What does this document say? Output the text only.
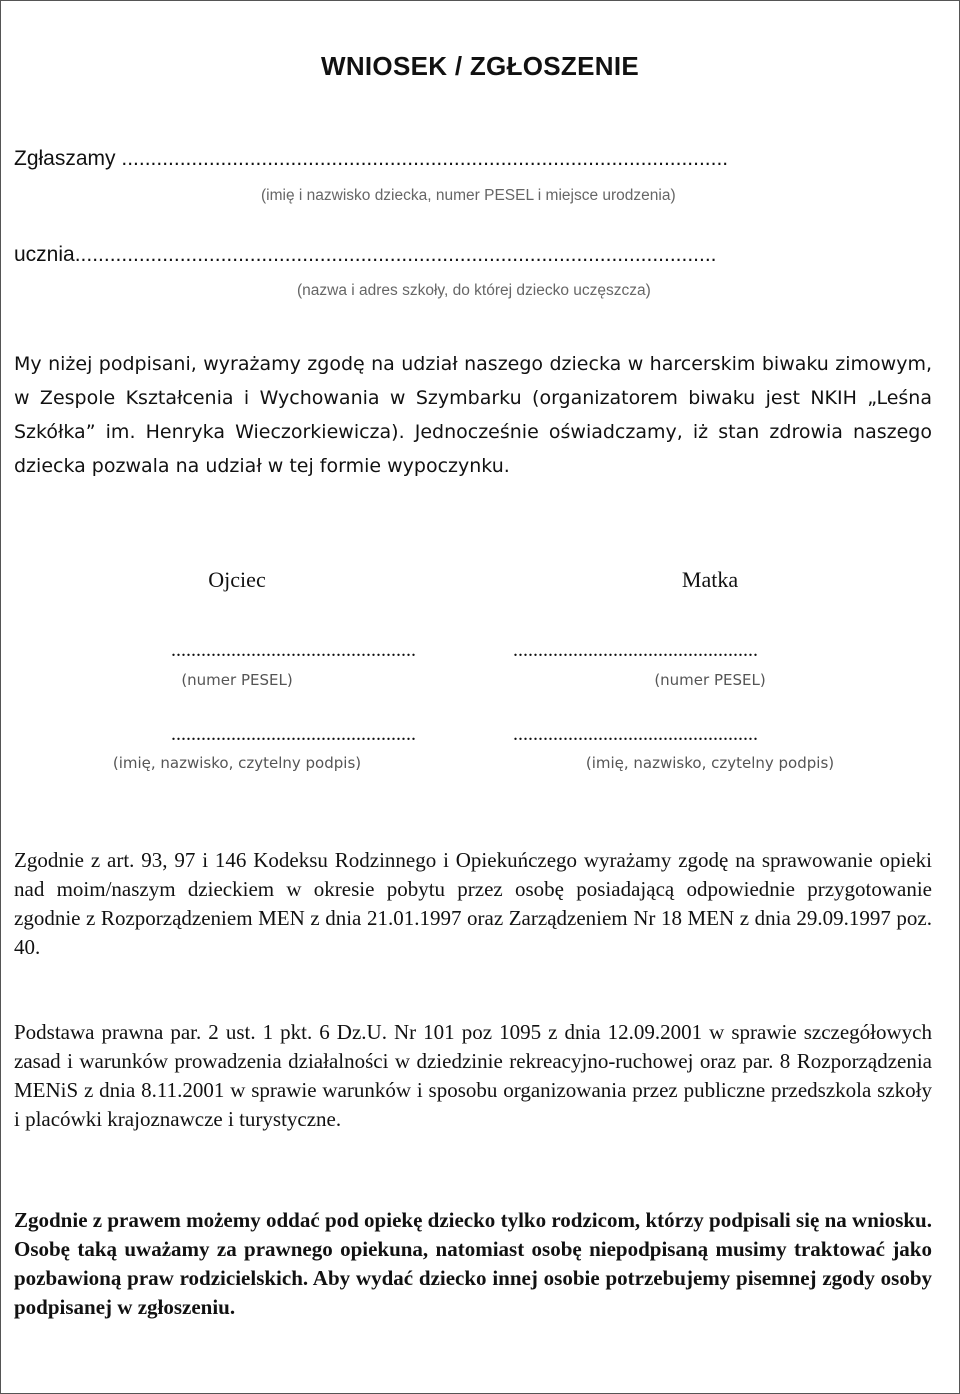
WNIOSEK / ZGŁOSZENIE
Zgłaszamy ........................................................................................................
(imię i nazwisko dziecka, numer PESEL i miejsce urodzenia)
ucznia..............................................................................................................
(nazwa i adres szkoły, do której dziecko uczęszcza)
My niżej podpisani, wyrażamy zgodę na udział naszego dziecka w harcerskim biwaku zimowym, w Zespole Kształcenia i Wychowania w Szymbarku (organizatorem biwaku jest NKIH „Leśna Szkółka” im. Henryka Wieczorkiewicza). Jednocześnie oświadczamy, iż stan zdrowia naszego dziecka pozwala na udział w tej formie wypoczynku.
Ojciec	Matka
.................................................	.................................................
(numer PESEL)	(numer PESEL)
.................................................	.................................................
(imię, nazwisko, czytelny podpis)	(imię, nazwisko, czytelny podpis)
Zgodnie z art. 93, 97 i 146 Kodeksu Rodzinnego i Opiekuńczego wyrażamy zgodę na sprawowanie opieki nad moim/naszym dzieckiem w okresie pobytu przez osobę posiadającą odpowiednie przygotowanie zgodnie z Rozporządzeniem MEN z dnia 21.01.1997 oraz Zarządzeniem Nr 18 MEN z dnia 29.09.1997 poz. 40.
Podstawa prawna par. 2 ust. 1 pkt. 6 Dz.U. Nr 101 poz 1095 z dnia 12.09.2001 w sprawie szczegółowych zasad i warunków prowadzenia działalności w dziedzinie rekreacyjno-ruchowej oraz par. 8 Rozporządzenia MENiS z dnia 8.11.2001 w sprawie warunków i sposobu organizowania przez publiczne przedszkola szkoły i placówki krajoznawcze i turystyczne.
Zgodnie z prawem możemy oddać pod opiekę dziecko tylko rodzicom, którzy podpisali się na wniosku. Osobę taką uważamy za prawnego opiekuna, natomiast osobę niepodpisaną musimy traktować jako pozbawioną praw rodzicielskich. Aby wydać dziecko innej osobie potrzebujemy pisemnej zgody osoby podpisanej w zgłoszeniu.
